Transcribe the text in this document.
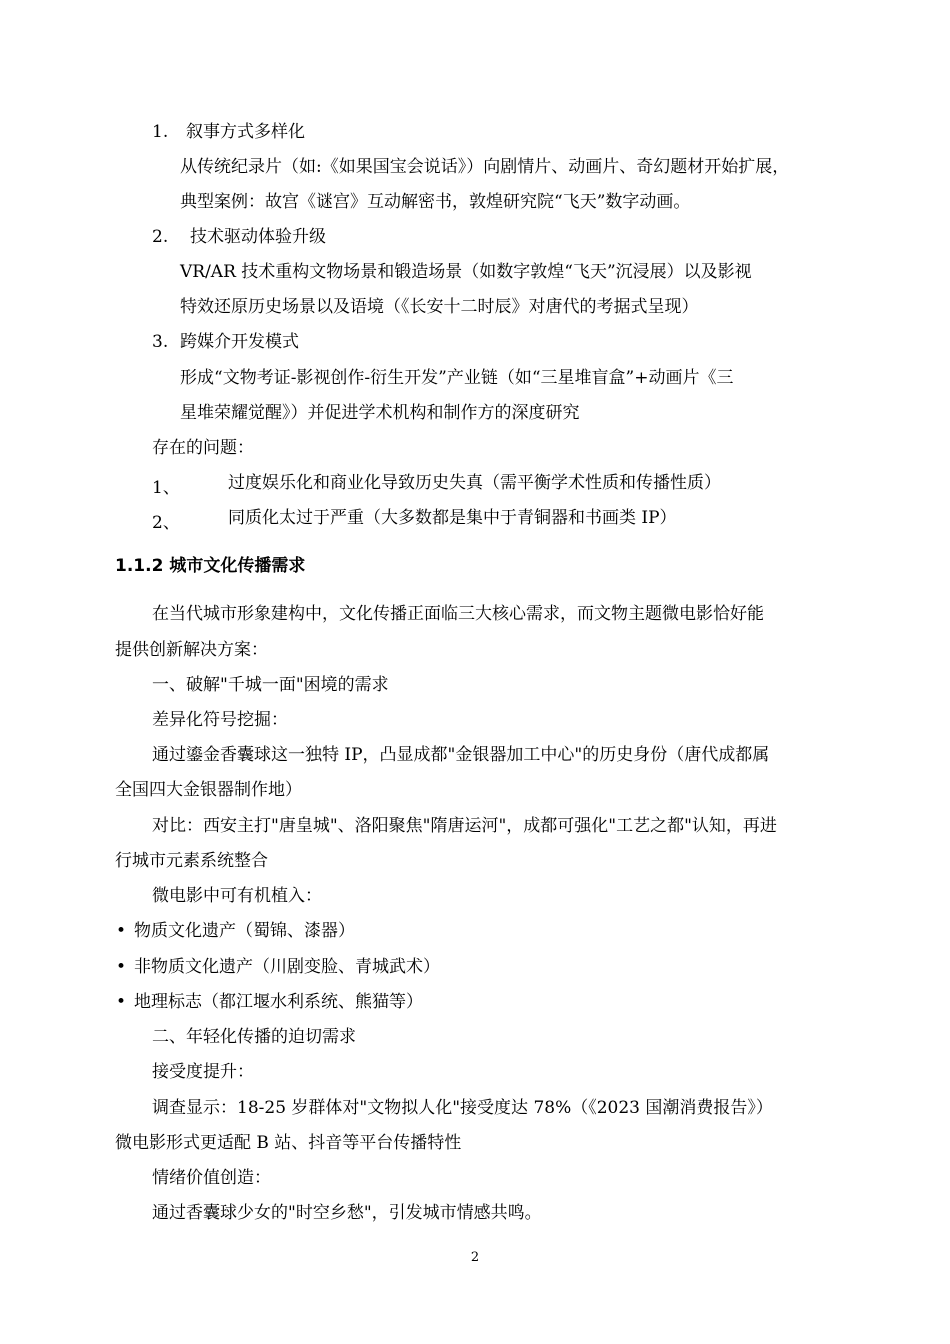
1. 叙事方式多样化
从传统纪录片（如:《如果国宝会说话》）向剧情片、动画片、奇幻题材开始扩展，
典型案例：故宫《谜宫》互动解密书，敦煌研究院“飞天”数字动画。
2. 技术驱动体验升级
VR/AR 技术重构文物场景和锻造场景（如数字敦煌“飞天”沉浸展）以及影视
特效还原历史场景以及语境（《长安十二时辰》对唐代的考据式呈现）
3. 跨媒介开发模式
形成“文物考证-影视创作-衍生开发”产业链（如“三星堆盲盒”+动画片《三
星堆荣耀觉醒》）并促进学术机构和制作方的深度研究
存在的问题：
1、	过度娱乐化和商业化导致历史失真（需平衡学术性质和传播性质）
2、	同质化太过于严重（大多数都是集中于青铜器和书画类 IP）
1.1.2 城市文化传播需求
在当代城市形象建构中，文化传播正面临三大核心需求，而文物主题微电影恰好能
提供创新解决方案：
一、破解"千城一面"困境的需求
差异化符号挖掘：
通过鎏金香囊球这一独特 IP，凸显成都"金银器加工中心"的历史身份（唐代成都属
全国四大金银器制作地）
对比：西安主打"唐皇城"、洛阳聚焦"隋唐运河"，成都可强化"工艺之都"认知，再进
行城市元素系统整合
微电影中可有机植入：
• 物质文化遗产（蜀锦、漆器）
• 非物质文化遗产（川剧变脸、青城武术）
• 地理标志（都江堰水利系统、熊猫等）
二、年轻化传播的迫切需求
接受度提升：
调查显示：18-25 岁群体对"文物拟人化"接受度达 78%（《2023 国潮消费报告》）
微电影形式更适配 B 站、抖音等平台传播特性
情绪价值创造：
通过香囊球少女的"时空乡愁"，引发城市情感共鸣。
2
